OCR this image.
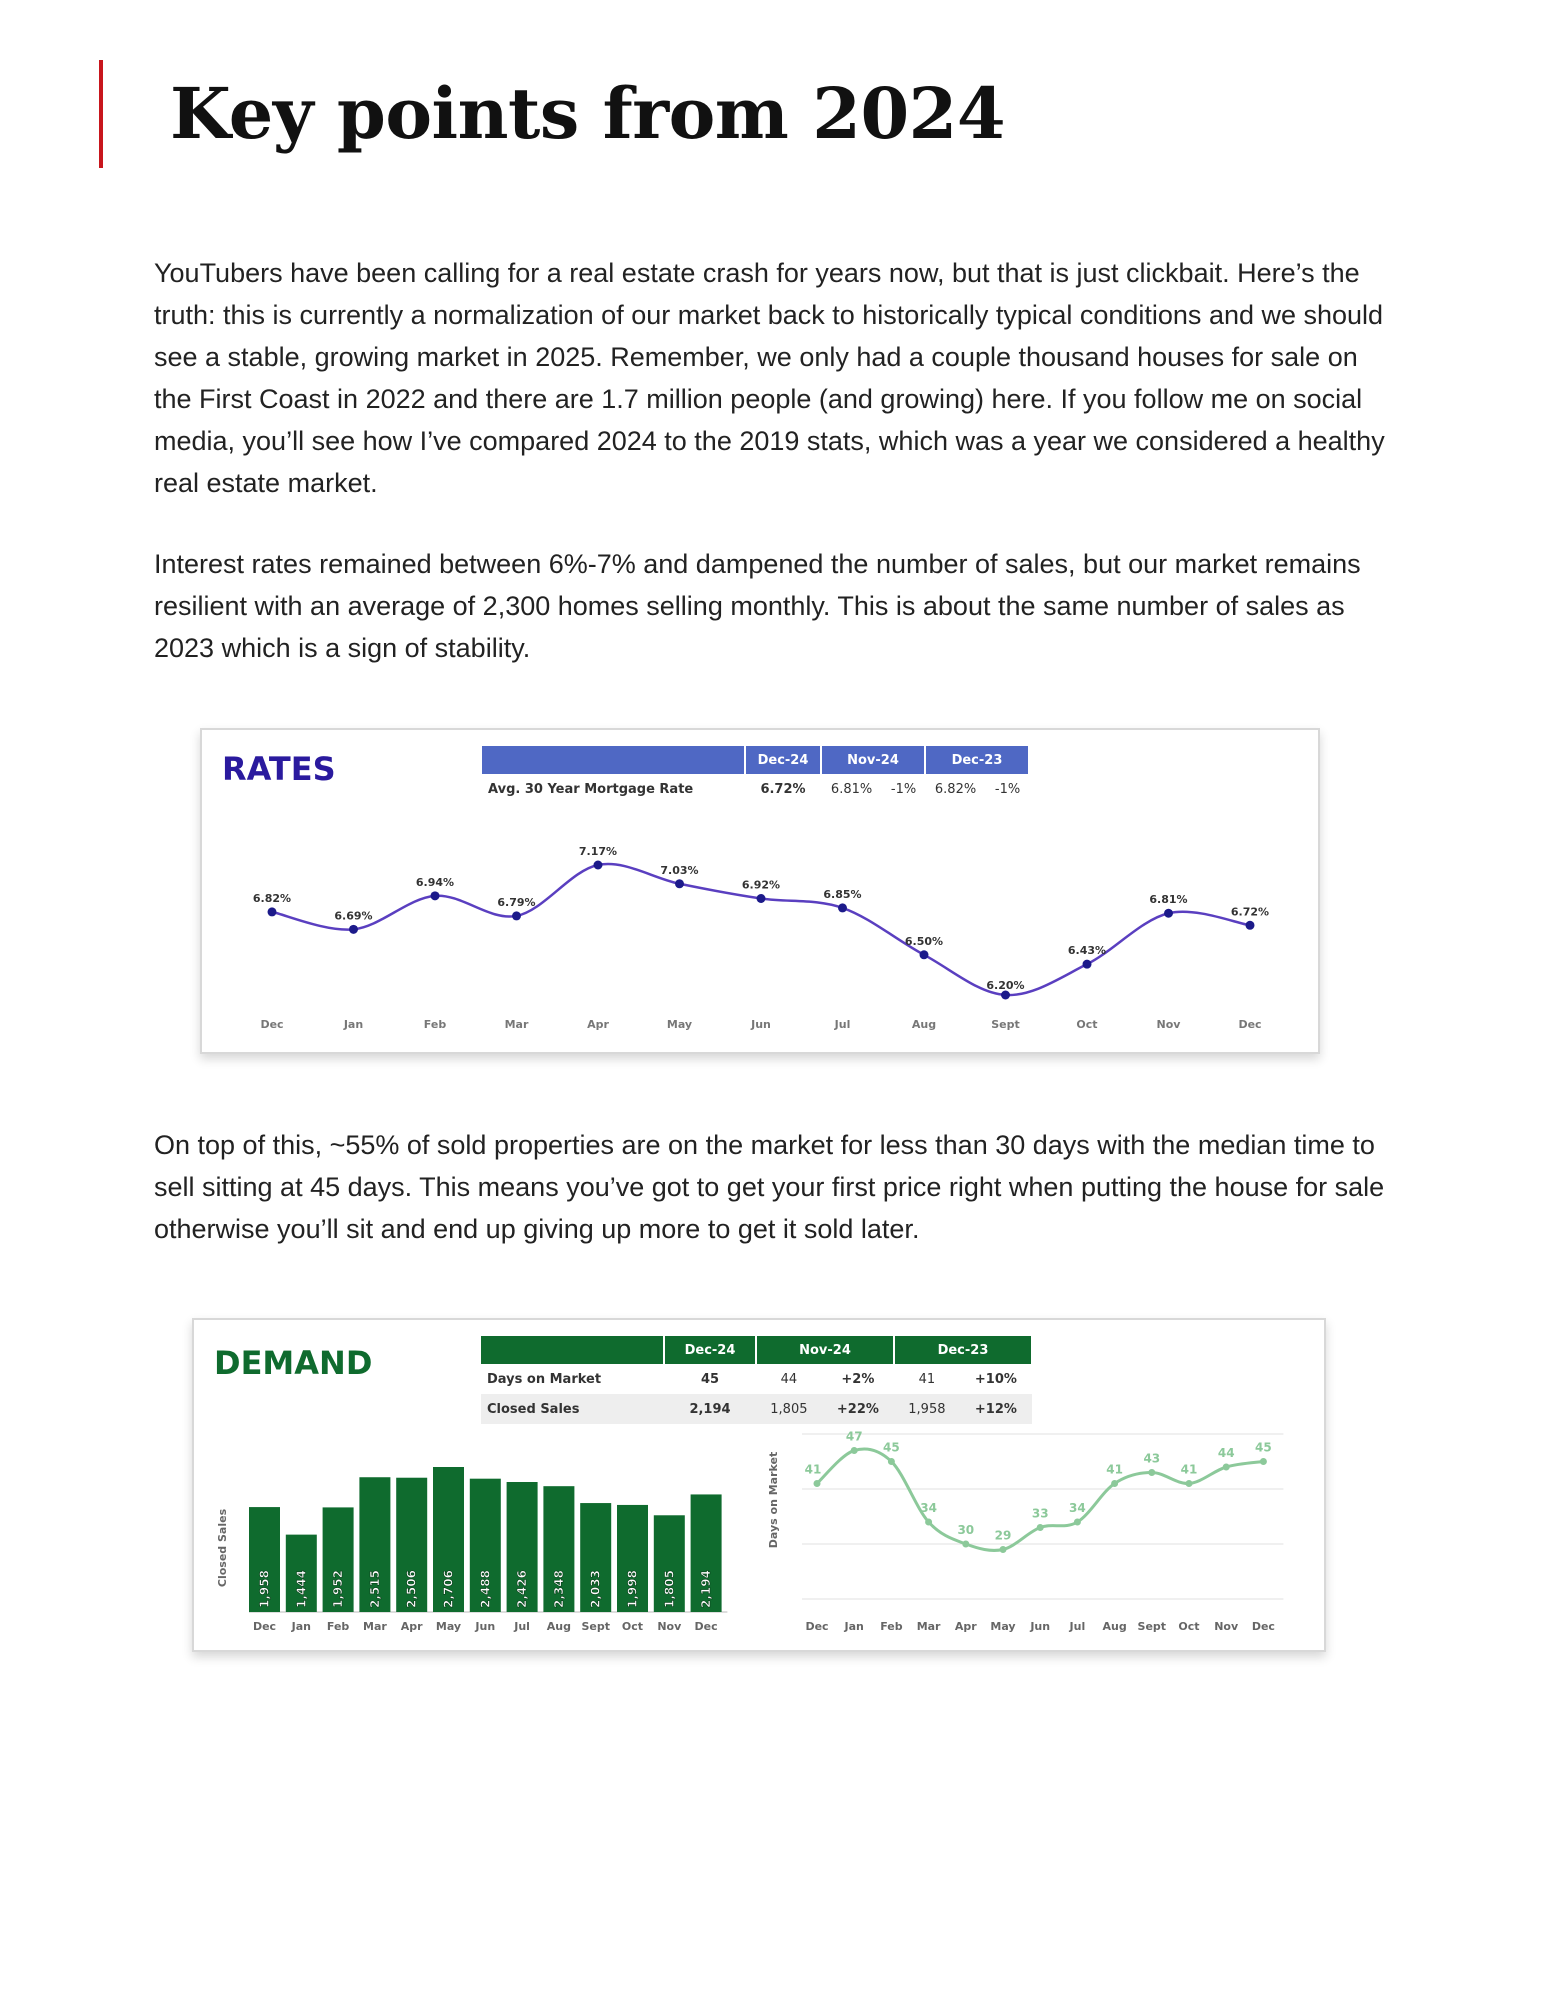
Key points from 2024

YouTubers have been calling for a real estate crash for years now, but that is just clickbait. Here’s the truth: this is currently a normalization of our market back to historically typical conditions and we should see a stable, growing market in 2025. Remember, we only had a couple thousand houses for sale on the First Coast in 2022 and there are 1.7 million people (and growing) here. If you follow me on social media, you’ll see how I’ve compared 2024 to the 2019 stats, which was a year we considered a healthy real estate market.

Interest rates remained between 6%-7% and dampened the number of sales, but our market remains resilient with an average of 2,300 homes selling monthly. This is about the same number of sales as 2023 which is a sign of stability.

RATES
		Dec-24	Nov-24		Dec-23	
Avg. 30 Year Mortgage Rate	6.72%	6.81%	-1%	6.82%	-1%
6.82%
Dec
6.69%
Jan
6.94%
Feb
6.79%
Mar
7.17%
Apr
7.03%
May
6.92%
Jun
6.85%
Jul
6.50%
Aug
6.20%
Sept
6.43%
Oct
6.81%
Nov
6.72%
Dec

On top of this, ~55% of sold properties are on the market for less than 30 days with the median time to sell sitting at 45 days. This means you’ve got to get your first price right when putting the house for sale otherwise you’ll sit and end up giving up more to get it sold later.

DEMAND
		Dec-24	Nov-24		Dec-23	
Days on Market	45	44	+2%	41	+10%
Closed Sales	2,194	1,805	+22%	1,958	+12%
Closed Sales
1,958
Dec
1,444
Jan
1,952
Feb
2,515
Mar
2,506
Apr
2,706
May
2,488
Jun
2,426
Jul
2,348
Aug
2,033
Sept
1,998
Oct
1,805
Nov
2,194
Dec
Days on Market 41
Dec
47
Jan
45
Feb
34
Mar
30
Apr
29
May
33
Jun
34
Jul
41
Aug
43
Sept
41
Oct
44
Nov
45
Dec
